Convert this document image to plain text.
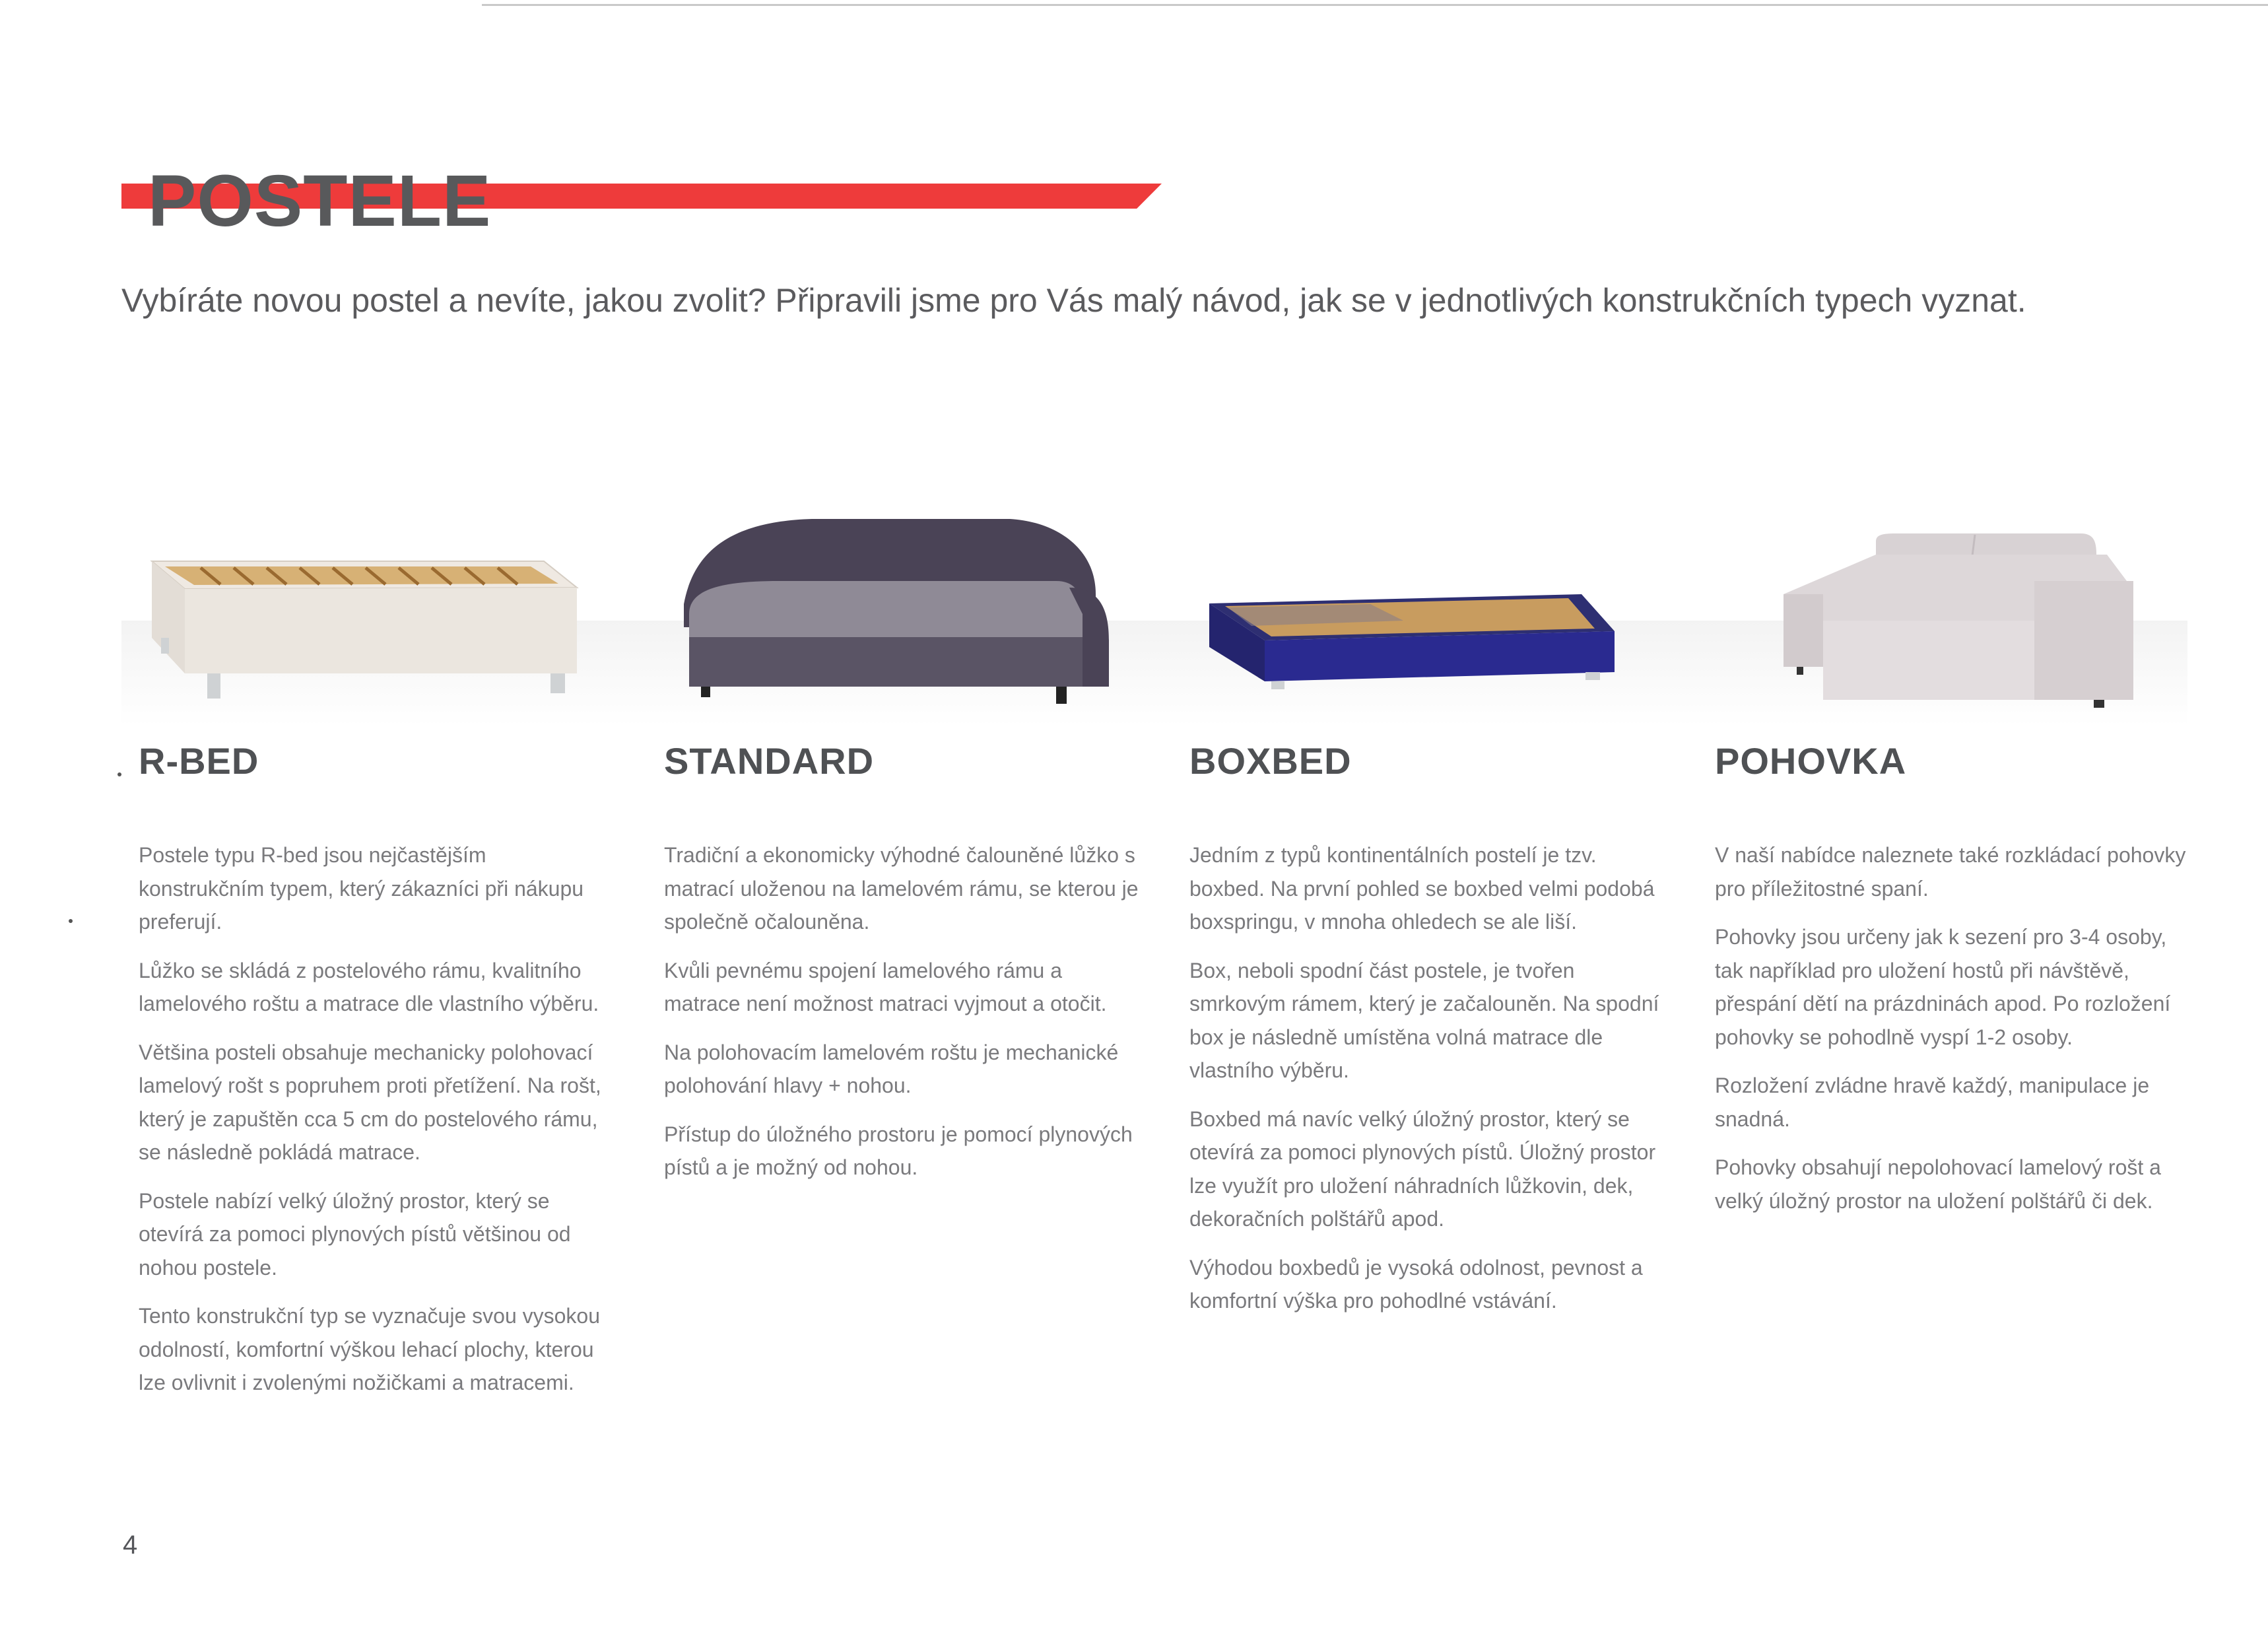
POSTELE

Vybíráte novou postel a nevíte, jakou zvolit? Připravili jsme pro Vás malý návod, jak se v jednotlivých konstrukčních typech vyznat.

R-BED

Postele typu R-bed jsou nejčastějším konstrukčním typem, který zákazníci při nákupu preferují.

Lůžko se skládá z postelového rámu, kvalitního lamelového roštu a matrace dle vlastního výběru.

Většina posteli obsahuje mechanicky polohovací lamelový rošt s popruhem proti přetížení. Na rošt, který je zapuštěn cca 5 cm do postelového rámu, se následně pokládá matrace.

Postele nabízí velký úložný prostor, který se otevírá za pomoci plynových pístů většinou od nohou postele.

Tento konstrukční typ se vyznačuje svou vysokou odolností, komfortní výškou lehací plochy, kterou lze ovlivnit i zvolenými nožičkami a matracemi.

STANDARD

Tradiční a ekonomicky výhodné čalouněné lůžko s matrací uloženou na lamelovém rámu, se kterou je společně očalouněna.

Kvůli pevnému spojení lamelového rámu a matrace není možnost matraci vyjmout a otočit.

Na polohovacím lamelovém roštu je mechanické polohování hlavy + nohou.

Přístup do úložného prostoru je pomocí plynových pístů a je možný od nohou.

BOXBED

Jedním z typů kontinentálních postelí je tzv. boxbed. Na první pohled se boxbed velmi podobá boxspringu, v mnoha ohledech se ale liší.

Box, neboli spodní část postele, je tvořen smrkovým rámem, který je začalouněn. Na spodní box je následně umístěna volná matrace dle vlastního výběru.

Boxbed má navíc velký úložný prostor, který se otevírá za pomoci plynových pístů. Úložný prostor lze využít pro uložení náhradních lůžkovin, dek, dekoračních polštářů apod.

Výhodou boxbedů je vysoká odolnost, pevnost a komfortní výška pro pohodlné vstávání.

POHOVKA

V naší nabídce naleznete také rozkládací pohovky pro příležitostné spaní.

Pohovky jsou určeny jak k sezení pro 3-4 osoby, tak například pro uložení hostů při návštěvě, přespání dětí na prázdninách apod. Po rozložení pohovky se pohodlně vyspí 1-2 osoby.

Rozložení zvládne hravě každý, manipulace je snadná.

Pohovky obsahují nepolohovací lamelový rošt a velký úložný prostor na uložení polštářů či dek.

4
